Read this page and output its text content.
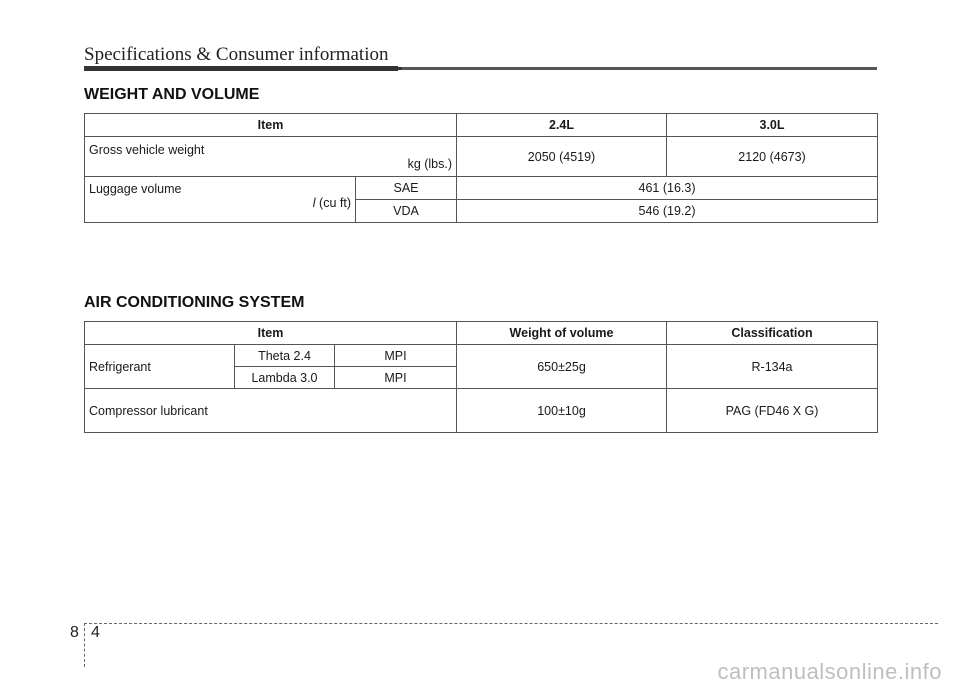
Specifications & Consumer information
WEIGHT AND VOLUME
Item		2.4L	3.0L

Gross vehicle weight
kg (lbs.)		2050 (4519)	2120 (4673)

Luggage volume
l (cu ft)	SAE	461 (16.3)	
	VDA	546 (19.2)	
AIR CONDITIONING SYSTEM
Item			Weight of volume	Classification
Refrigerant	Theta 2.4	MPI	650±25g	R-134a
	Lambda 3.0	MPI		
Compressor lubricant			100±10g	PAG (FD46 X G)
8 4
carmanualsonline.info
